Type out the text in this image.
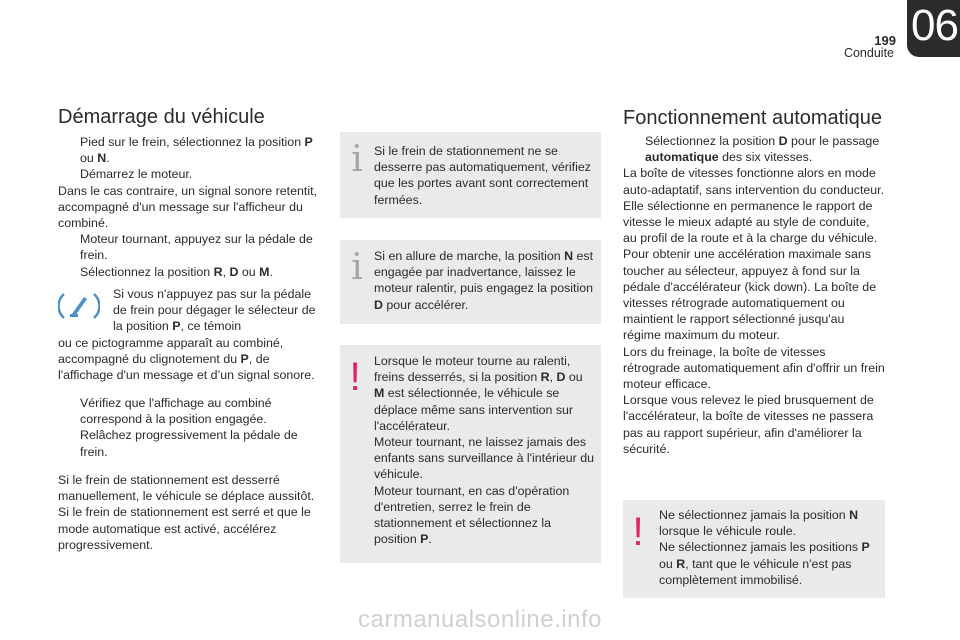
199
Conduite
06
Démarrage du véhicule

Pied sur le frein, sélectionnez la position P ou N.

Démarrez le moteur.

Dans le cas contraire, un signal sonore retentit, accompagné d'un message sur l'afficheur du combiné.

Moteur tournant, appuyez sur la pédale de frein.

Sélectionnez la position R, D ou M.

Si vous n'appuyez pas sur la pédale de frein pour dégager le sélecteur de la position P, ce témoin

ou ce pictogramme apparaît au combiné, accompagné du clignotement du P, de l'affichage d'un message et d’un signal sonore.

Vérifiez que l'affichage au combiné correspond à la position engagée.

Relâchez progressivement la pédale de frein.

Si le frein de stationnement est desserré manuellement, le véhicule se déplace aussitôt.

Si le frein de stationnement est serré et que le mode automatique est activé, accélérez progressivement.

i Si le frein de stationnement ne se desserre pas automatiquement, vérifiez que les portes avant sont correctement fermées.

i Si en allure de marche, la position N est engagée par inadvertance, laissez le moteur ralentir, puis engagez la position D pour accélérer.

! Lorsque le moteur tourne au ralenti, freins desserrés, si la position R, D ou M est sélectionnée, le véhicule se déplace même sans intervention sur l'accélérateur.

Moteur tournant, ne laissez jamais des enfants sans surveillance à l'intérieur du véhicule.

Moteur tournant, en cas d'opération d'entretien, serrez le frein de stationnement et sélectionnez la position P.

Fonctionnement automatique

Sélectionnez la position D pour le passage automatique des six vitesses.

La boîte de vitesses fonctionne alors en mode auto-adaptatif, sans intervention du conducteur. Elle sélectionne en permanence le rapport de vitesse le mieux adapté au style de conduite, au profil de la route et à la charge du véhicule.

Pour obtenir une accélération maximale sans toucher au sélecteur, appuyez à fond sur la pédale d'accélérateur (kick down). La boîte de vitesses rétrograde automatiquement ou maintient le rapport sélectionné jusqu'au régime maximum du moteur.

Lors du freinage, la boîte de vitesses rétrograde automatiquement afin d'offrir un frein moteur efficace.

Lorsque vous relevez le pied brusquement de l'accélérateur, la boîte de vitesses ne passera pas au rapport supérieur, afin d'améliorer la sécurité.

! Ne sélectionnez jamais la position N lorsque le véhicule roule.

Ne sélectionnez jamais les positions P ou R, tant que le véhicule n'est pas complètement immobilisé.

carmanualsonline.info
